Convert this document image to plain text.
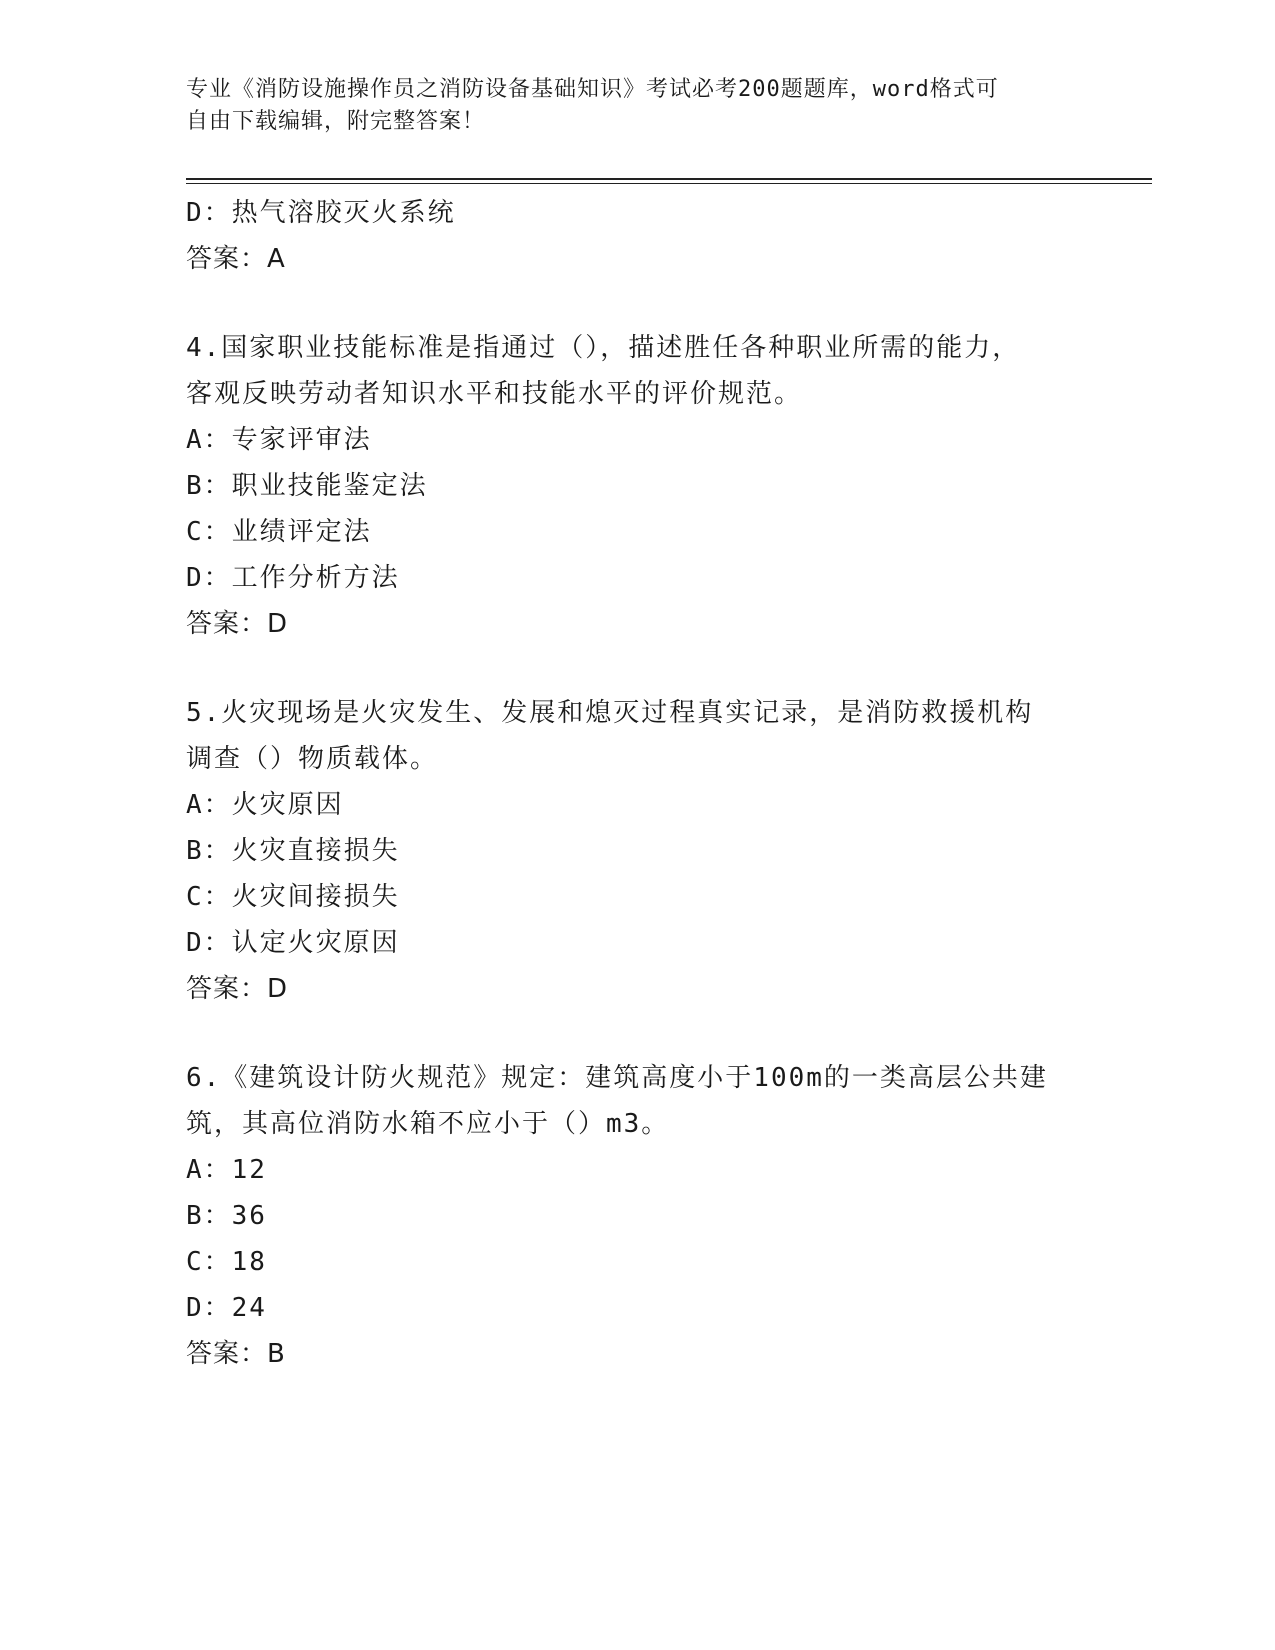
专业《消防设施操作员之消防设备基础知识》考试必考200题题库，word格式可
自由下载编辑，附完整答案！
D：热气溶胶灭火系统
答案：A
4.国家职业技能标准是指通过（），描述胜任各种职业所需的能力，
客观反映劳动者知识水平和技能水平的评价规范。
A：专家评审法
B：职业技能鉴定法
C：业绩评定法
D：工作分析方法
答案：D
5.火灾现场是火灾发生、发展和熄灭过程真实记录，是消防救援机构
调查（）物质载体。
A：火灾原因
B：火灾直接损失
C：火灾间接损失
D：认定火灾原因
答案：D
6.《建筑设计防火规范》规定：建筑高度小于100m的一类高层公共建
筑，其高位消防水箱不应小于（）m3。
A：12
B：36
C：18
D：24
答案：B
